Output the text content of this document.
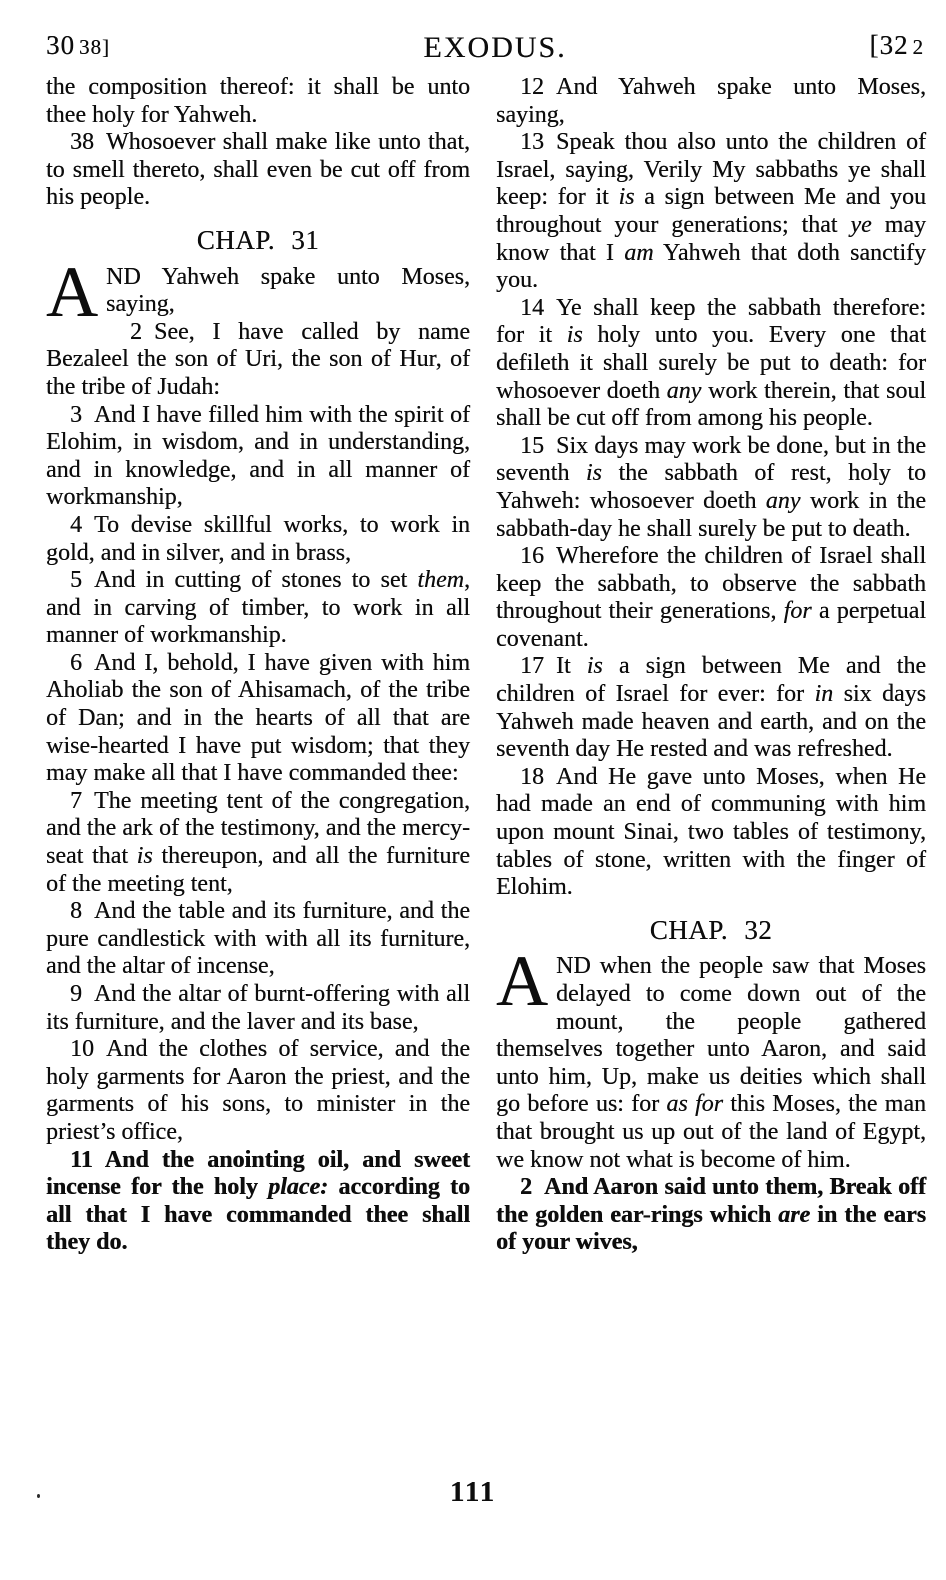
30 38]	EXODUS.	[32 2

the composition thereof: it shall be unto thee holy for Yahweh.

38 Whosoever shall make like unto that, to smell thereto, shall even be cut off from his people.

CHAP. 31

AND Yahweh spake unto Moses, saying,

2 See, I have called by name Bezaleel the son of Uri, the son of Hur, of the tribe of Judah:

3 And I have filled him with the spirit of Elohim, in wisdom, and in understanding, and in knowledge, and in all manner of workmanship,

4 To devise skillful works, to work in gold, and in silver, and in brass,

5 And in cutting of stones to set them, and in carving of timber, to work in all manner of workmanship.

6 And I, behold, I have given with him Aholiab the son of Ahisamach, of the tribe of Dan; and in the hearts of all that are wise-hearted I have put wisdom; that they may make all that I have commanded thee:

7 The meeting tent of the congregation, and the ark of the testimony, and the mercy-seat that is thereupon, and all the furniture of the meeting tent,

8 And the table and its furniture, and the pure candlestick with with all its furniture, and the altar of incense,

9 And the altar of burnt-offering with all its furniture, and the laver and its base,

10 And the clothes of service, and the holy garments for Aaron the priest, and the garments of his sons, to minister in the priest’s office,

11 And the anointing oil, and sweet incense for the holy place: according to all that I have commanded thee shall they do.

12 And Yahweh spake unto Moses, saying,

13 Speak thou also unto the children of Israel, saying, Verily My sabbaths ye shall keep: for it is a sign between Me and you throughout your generations; that ye may know that I am Yahweh that doth sanctify you.

14 Ye shall keep the sabbath therefore: for it is holy unto you. Every one that defileth it shall surely be put to death: for whosoever doeth any work therein, that soul shall be cut off from among his people.

15 Six days may work be done, but in the seventh is the sabbath of rest, holy to Yahweh: whosoever doeth any work in the sabbath-day he shall surely be put to death.

16 Wherefore the children of Israel shall keep the sabbath, to observe the sabbath throughout their generations, for a perpetual covenant.

17 It is a sign between Me and the children of Israel for ever: for in six days Yahweh made heaven and earth, and on the seventh day He rested and was refreshed.

18 And He gave unto Moses, when He had made an end of communing with him upon mount Sinai, two tables of testimony, tables of stone, written with the finger of Elohim.

CHAP. 32

AND when the people saw that Moses delayed to come down out of the mount, the people gathered themselves together unto Aaron, and said unto him, Up, make us deities which shall go before us: for as for this Moses, the man that brought us up out of the land of Egypt, we know not what is become of him.

2 And Aaron said unto them, Break off the golden ear-rings which are in the ears of your wives,

111
